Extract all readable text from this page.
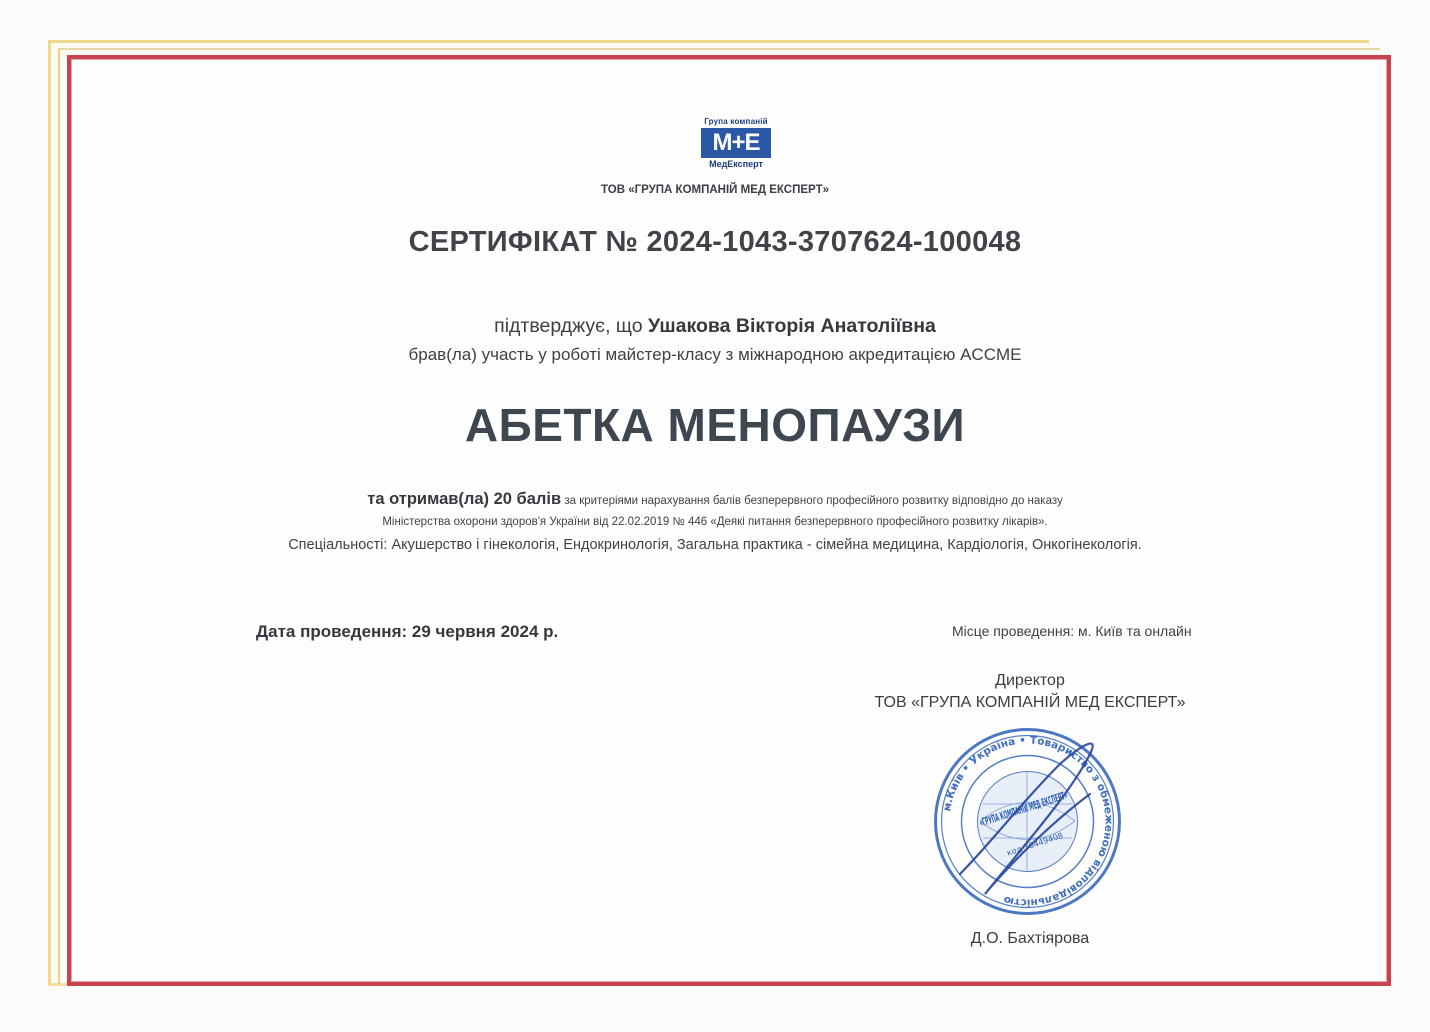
Група компаній
М+Е
МедЕксперт
ТОВ «ГРУПА КОМПАНІЙ МЕД ЕКСПЕРТ»
СЕРТИФІКАТ № 2024-1043-3707624-100048
підтверджує, що Ушакова Вікторія Анатоліївна
брав(ла) участь у роботі майстер-класу з міжнародною акредитацією ACCME
АБЕТКА МЕНОПАУЗИ
та отримав(ла) 20 балів за критеріями нарахування балів безперервного професійного розвитку відповідно до наказу
Міністерства охорони здоров'я України від 22.02.2019 № 446 «Деякі питання безперервного професійного розвитку лікарів».
Спеціальності: Акушерство і гінекологія, Ендокринологія, Загальна практика - сімейна медицина, Кардіологія, Онкогінекологія.
Дата проведення: 29 червня 2024 р.	Місце проведення: м. Київ та онлайн
Директор
ТОВ «ГРУПА КОМПАНІЙ МЕД ЕКСПЕРТ»
м.Київ • Україна • Товариство з обмеженою відповідальністю
код 38449408
Д.О. Бахтіярова
